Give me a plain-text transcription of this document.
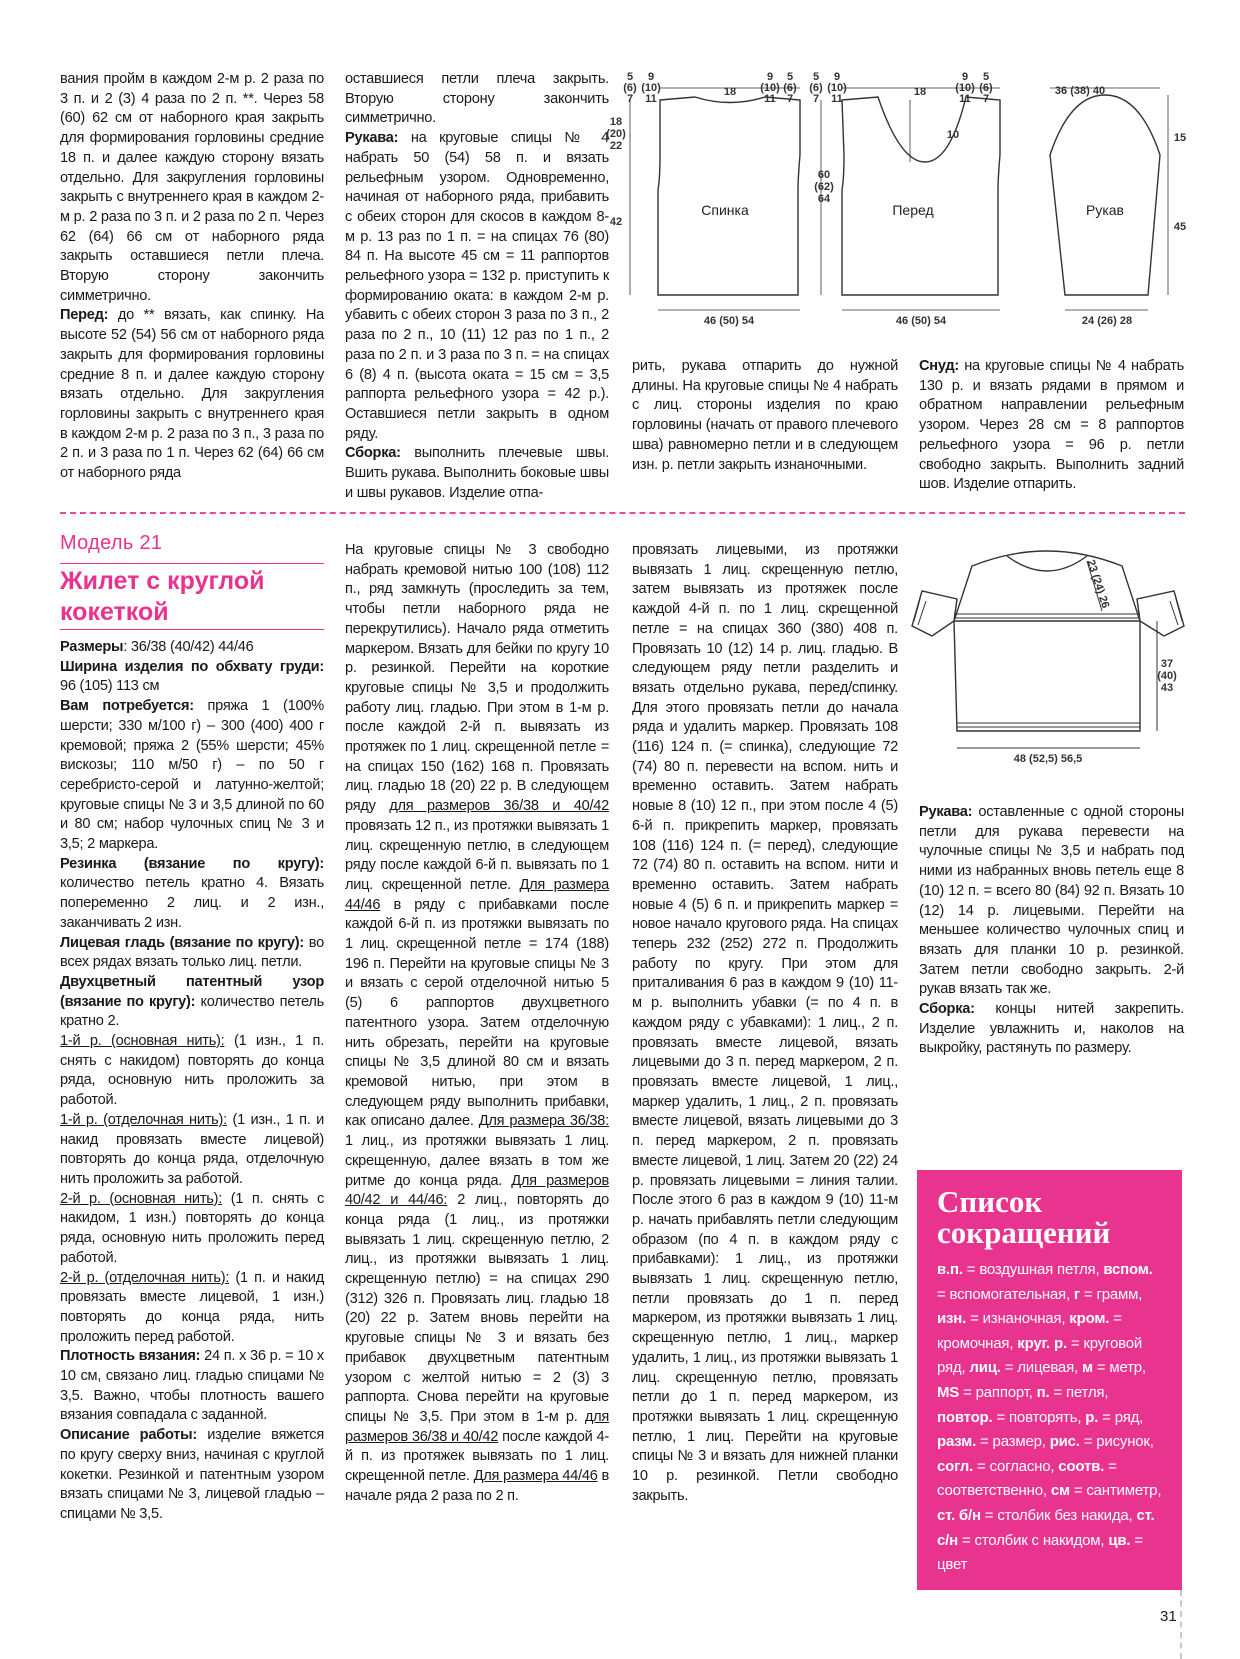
вания пройм в каждом 2-м р. 2 раза по 3 п. и 2 (3) 4 раза по 2 п. **. Через 58 (60) 62 см от наборного края закрыть для формирования горловины средние 18 п. и далее каждую сторону вязать отдельно. Для закругления горловины закрыть с внутреннего края в каждом 2-м р. 2 раза по 3 п. и 2 раза по 2 п. Через 62 (64) 66 см от наборного ряда закрыть оставшиеся петли плеча. Вторую сторону закончить симметрично.

Перед: до ** вязать, как спинку. На высоте 52 (54) 56 см от наборного ряда закрыть для формирования горловины средние 8 п. и далее каждую сторону вязать отдельно. Для закругления горловины закрыть с внутреннего края в каждом 2-м р. 2 раза по 3 п., 3 раза по 2 п. и 3 раза по 1 п. Через 62 (64) 66 см от наборного ряда

оставшиеся петли плеча закрыть. Вторую сторону закончить симметрично.

Рукава: на круговые спицы № 4 набрать 50 (54) 58 п. и вязать рельефным узором. Одновременно, начиная от наборного ряда, прибавить с обеих сторон для скосов в каждом 8-м р. 13 раз по 1 п. = на спицах 76 (80) 84 п. На высоте 45 см = 11 раппортов рельефного узора = 132 р. приступить к формированию оката: в каждом 2-м р. убавить с обеих сторон 3 раза по 3 п., 2 раза по 2 п., 10 (11) 12 раз по 1 п., 2 раза по 2 п. и 3 раза по 3 п. = на спицах 6 (8) 4 п. (высота оката = 15 см = 3,5 раппорта рельефного узора = 42 р.). Оставшиеся петли закрыть в одном ряду.

Сборка: выполнить плечевые швы. Вшить рукава. Выполнить боковые швы и швы рукавов. Изделие отпа-

5
(6)
7
9
(10)
11
18
9
(10)
11
5
(6)
7
18
(20)
22
42
46 (50) 54
5
(6)
7
9
(10)
11
18
9
(10)
11
5
(6)
7
10
60
(62)
64
46 (50) 54
36 (38) 40
15
45
24 (26) 28
Спинка	Перед	Рукав

рить, рукава отпарить до нужной длины. На круговые спицы № 4 набрать с лиц. стороны изделия по краю горловины (начать от правого плечевого шва) равномерно петли и в следующем изн. р. петли закрыть изнаночными.

Снуд: на круговые спицы № 4 набрать 130 р. и вязать рядами в прямом и обратном направлении рельефным узором. Через 28 см = 8 раппортов рельефного узора = 96 р. петли свободно закрыть. Выполнить задний шов. Изделие отпарить.

Модель 21
Жилет с круглой
кокеткой

Размеры: 36/38 (40/42) 44/46

Ширина изделия по обхвату груди: 96 (105) 113 см

Вам потребуется: пряжа 1 (100% шерсти; 330 м/100 г) – 300 (400) 400 г кремовой; пряжа 2 (55% шерсти; 45% вискозы; 110 м/50 г) – по 50 г серебристо-серой и латунно-желтой; круговые спицы № 3 и 3,5 длиной по 60 и 80 см; набор чулочных спиц № 3 и 3,5; 2 маркера.

Резинка (вязание по кругу): количество петель кратно 4. Вязать попеременно 2 лиц. и 2 изн., заканчивать 2 изн.

Лицевая гладь (вязание по кругу): во всех рядах вязать только лиц. петли.

Двухцветный патентный узор (вязание по кругу): количество петель кратно 2.

1-й р. (основная нить): (1 изн., 1 п. снять с накидом) повторять до конца ряда, основную нить проложить за работой.

1-й р. (отделочная нить): (1 изн., 1 п. и накид провязать вместе лицевой) повторять до конца ряда, отделочную нить проложить за работой.

2-й р. (основная нить): (1 п. снять с накидом, 1 изн.) повторять до конца ряда, основную нить проложить перед работой.

2-й р. (отделочная нить): (1 п. и накид провязать вместе лицевой, 1 изн.) повторять до конца ряда, нить проложить перед работой.

Плотность вязания: 24 п. х 36 р. = 10 х 10 см, связано лиц. гладью спицами № 3,5. Важно, чтобы плотность вашего вязания совпадала с заданной.

Описание работы: изделие вяжется по кругу сверху вниз, начиная с круглой кокетки. Резинкой и патентным узором вязать спицами № 3, лицевой гладью – спицами № 3,5.

На круговые спицы № 3 свободно набрать кремовой нитью 100 (108) 112 п., ряд замкнуть (проследить за тем, чтобы петли наборного ряда не перекрутились). Начало ряда отметить маркером. Вязать для бейки по кругу 10 р. резинкой. Перейти на короткие круговые спицы № 3,5 и продолжить работу лиц. гладью. При этом в 1-м р. после каждой 2-й п. вывязать из протяжек по 1 лиц. скрещенной петле = на спицах 150 (162) 168 п. Провязать лиц. гладью 18 (20) 22 р. В следующем ряду для размеров 36/38 и 40/42 провязать 12 п., из протяжки вывязать 1 лиц. скрещенную петлю, в следующем ряду после каждой 6-й п. вывязать по 1 лиц. скрещенной петле. Для размера 44/46 в ряду с прибавками после каждой 6-й п. из протяжки вывязать по 1 лиц. скрещенной петле = 174 (188) 196 п. Перейти на круговые спицы № 3 и вязать с серой отделочной нитью 5 (5) 6 раппортов двухцветного патентного узора. Затем отделочную нить обрезать, перейти на круговые спицы № 3,5 длиной 80 см и вязать кремовой нитью, при этом в следующем ряду выполнить прибавки, как описано далее. Для размера 36/38: 1 лиц., из протяжки вывязать 1 лиц. скрещенную, далее вязать в том же ритме до конца ряда. Для размеров 40/42 и 44/46: 2 лиц., повторять до конца ряда (1 лиц., из протяжки вывязать 1 лиц. скрещенную петлю, 2 лиц., из протяжки вывязать 1 лиц. скрещенную петлю) = на спицах 290 (312) 326 п. Провязать лиц. гладью 18 (20) 22 р. Затем вновь перейти на круговые спицы № 3 и вязать без прибавок двухцветным патентным узором с желтой нитью = 2 (3) 3 раппорта. Снова перейти на круговые спицы № 3,5. При этом в 1-м р. для размеров 36/38 и 40/42 после каждой 4-й п. из протяжек вывязать по 1 лиц. скрещенной петле. Для размера 44/46 в начале ряда 2 раза по 2 п.

провязать лицевыми, из протяжки вывязать 1 лиц. скрещенную петлю, затем вывязать из протяжек после каждой 4-й п. по 1 лиц. скрещенной петле = на спицах 360 (380) 408 п. Провязать 10 (12) 14 р. лиц. гладью. В следующем ряду петли разделить и вязать отдельно рукава, перед/спинку. Для этого провязать петли до начала ряда и удалить маркер. Провязать 108 (116) 124 п. (= спинка), следующие 72 (74) 80 п. перевести на вспом. нить и временно оставить. Затем набрать новые 8 (10) 12 п., при этом после 4 (5) 6-й п. прикрепить маркер, провязать 108 (116) 124 п. (= перед), следующие 72 (74) 80 п. оставить на вспом. нити и временно оставить. Затем набрать новые 4 (5) 6 п. и прикрепить маркер = новое начало кругового ряда. На спицах теперь 232 (252) 272 п. Продолжить работу по кругу. При этом для приталивания 6 раз в каждом 9 (10) 11-м р. выполнить убавки (= по 4 п. в каждом ряду с убавками): 1 лиц., 2 п. провязать вместе лицевой, вязать лицевыми до 3 п. перед маркером, 2 п. провязать вместе лицевой, 1 лиц., маркер удалить, 1 лиц., 2 п. провязать вместе лицевой, вязать лицевыми до 3 п. перед маркером, 2 п. провязать вместе лицевой, 1 лиц. Затем 20 (22) 24 р. провязать лицевыми = линия талии. После этого 6 раз в каждом 9 (10) 11-м р. начать прибавлять петли следующим образом (по 4 п. в каждом ряду с прибавками): 1 лиц., из протяжки вывязать 1 лиц. скрещенную петлю, петли провязать до 1 п. перед маркером, из протяжки вывязать 1 лиц. скрещенную петлю, 1 лиц., маркер удалить, 1 лиц., из протяжки вывязать 1 лиц. скрещенную петлю, провязать петли до 1 п. перед маркером, из протяжки вывязать 1 лиц. скрещенную петлю, 1 лиц. Перейти на круговые спицы № 3 и вязать для нижней планки 10 р. резинкой. Петли свободно закрыть.

23 (24) 26
37
(40)
43
48 (52,5) 56,5

Рукава: оставленные с одной стороны петли для рукава перевести на чулочные спицы № 3,5 и набрать под ними из набранных вновь петель еще 8 (10) 12 п. = всего 80 (84) 92 п. Вязать 10 (12) 14 р. лицевыми. Перейти на меньшее количество чулочных спиц и вязать для планки 10 р. резинкой. Затем петли свободно закрыть. 2-й рукав вязать так же.

Сборка: концы нитей закрепить. Изделие увлажнить и, наколов на выкройку, растянуть по размеру.

Список
сокращений
в.п. = воздушная петля, вспом. = вспомогательная, г = грамм, изн. = изнаночная, кром. = кромочная, круг. р. = круговой ряд, лиц. = лицевая, м = метр, MS = раппорт, п. = петля, повтор. = повторять, р. = ряд, разм. = размер, рис. = рисунок, согл. = согласно, соотв. = соответственно, см = сантиметр, ст. б/н = столбик без накида, ст. с/н = столбик с накидом, цв. = цвет
31
